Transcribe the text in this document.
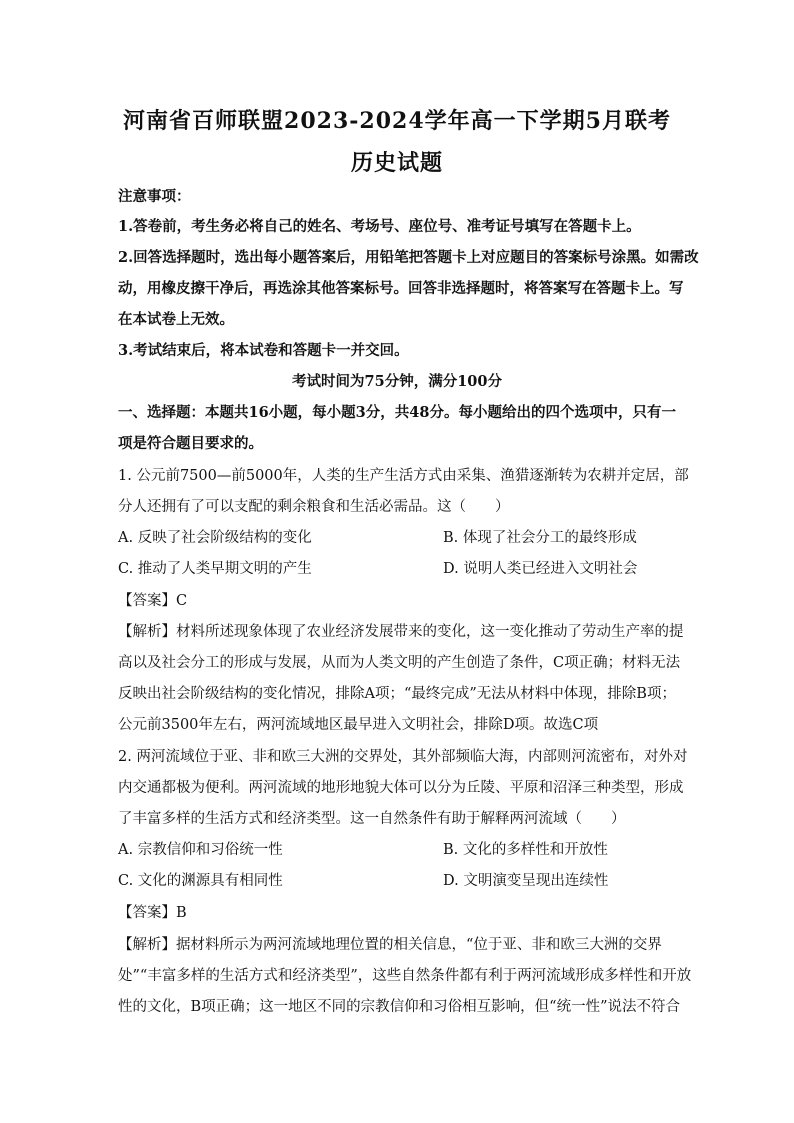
河南省百师联盟2023-2024学年高一下学期5月联考
历史试题
注意事项：
1.答卷前，考生务必将自己的姓名、考场号、座位号、准考证号填写在答题卡上。
2.回答选择题时，选出每小题答案后，用铅笔把答题卡上对应题目的答案标号涂黑。如需改
动，用橡皮擦干净后，再选涂其他答案标号。回答非选择题时，将答案写在答题卡上。写
在本试卷上无效。
3.考试结束后，将本试卷和答题卡一并交回。
考试时间为75分钟，满分100分
一、选择题：本题共16小题，每小题3分，共48分。每小题给出的四个选项中，只有一
项是符合题目要求的。
1. 公元前7500—前5000年，人类的生产生活方式由采集、渔猎逐渐转为农耕并定居，部
分人还拥有了可以支配的剩余粮食和生活必需品。这（　　）
A. 反映了社会阶级结构的变化	B. 体现了社会分工的最终形成
C. 推动了人类早期文明的产生	D. 说明人类已经进入文明社会
【答案】C
【解析】材料所述现象体现了农业经济发展带来的变化，这一变化推动了劳动生产率的提
高以及社会分工的形成与发展，从而为人类文明的产生创造了条件，C项正确；材料无法
反映出社会阶级结构的变化情况，排除A项；“最终完成”无法从材料中体现，排除B项；
公元前3500年左右，两河流域地区最早进入文明社会，排除D项。故选C项
2. 两河流域位于亚、非和欧三大洲的交界处，其外部频临大海，内部则河流密布，对外对
内交通都极为便利。两河流域的地形地貌大体可以分为丘陵、平原和沼泽三种类型，形成
了丰富多样的生活方式和经济类型。这一自然条件有助于解释两河流域（　　）
A. 宗教信仰和习俗统一性	B. 文化的多样性和开放性
C. 文化的渊源具有相同性	D. 文明演变呈现出连续性
【答案】B
【解析】据材料所示为两河流域地理位置的相关信息，“位于亚、非和欧三大洲的交界
处”“丰富多样的生活方式和经济类型”，这些自然条件都有利于两河流域形成多样性和开放
性的文化，B项正确；这一地区不同的宗教信仰和习俗相互影响，但“统一性”说法不符合
